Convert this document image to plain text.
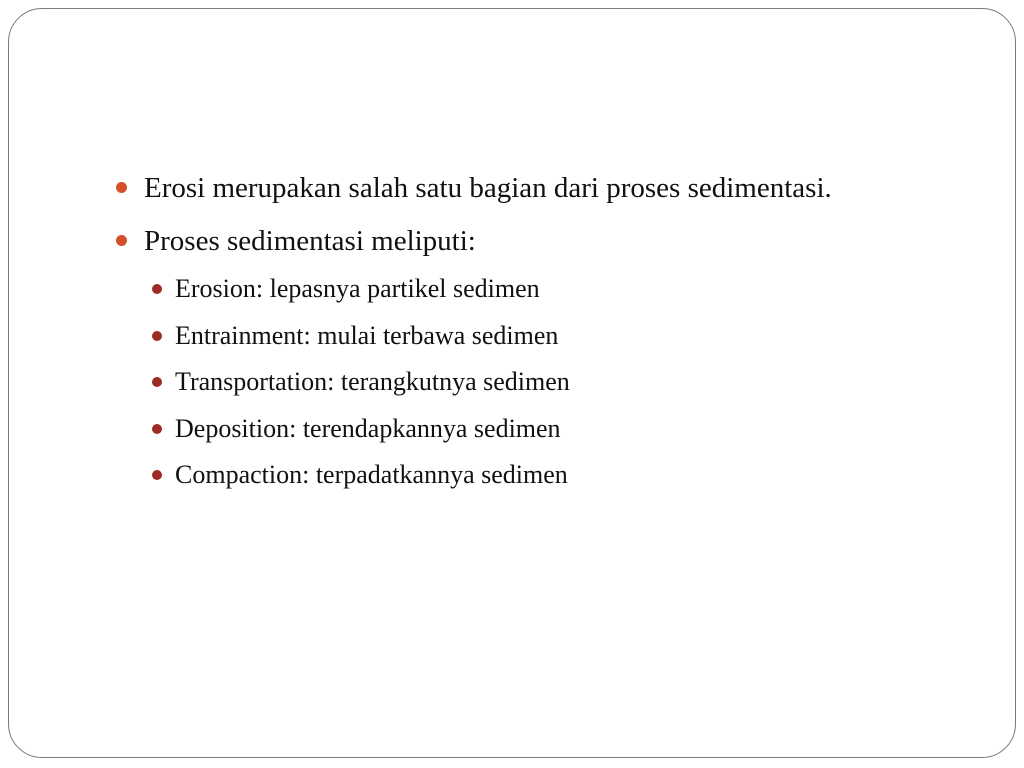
Erosi merupakan salah satu bagian dari proses sedimentasi.
Proses sedimentasi meliputi:
Erosion: lepasnya partikel sedimen
Entrainment: mulai terbawa sedimen
Transportation: terangkutnya sedimen
Deposition: terendapkannya sedimen
Compaction: terpadatkannya sedimen
